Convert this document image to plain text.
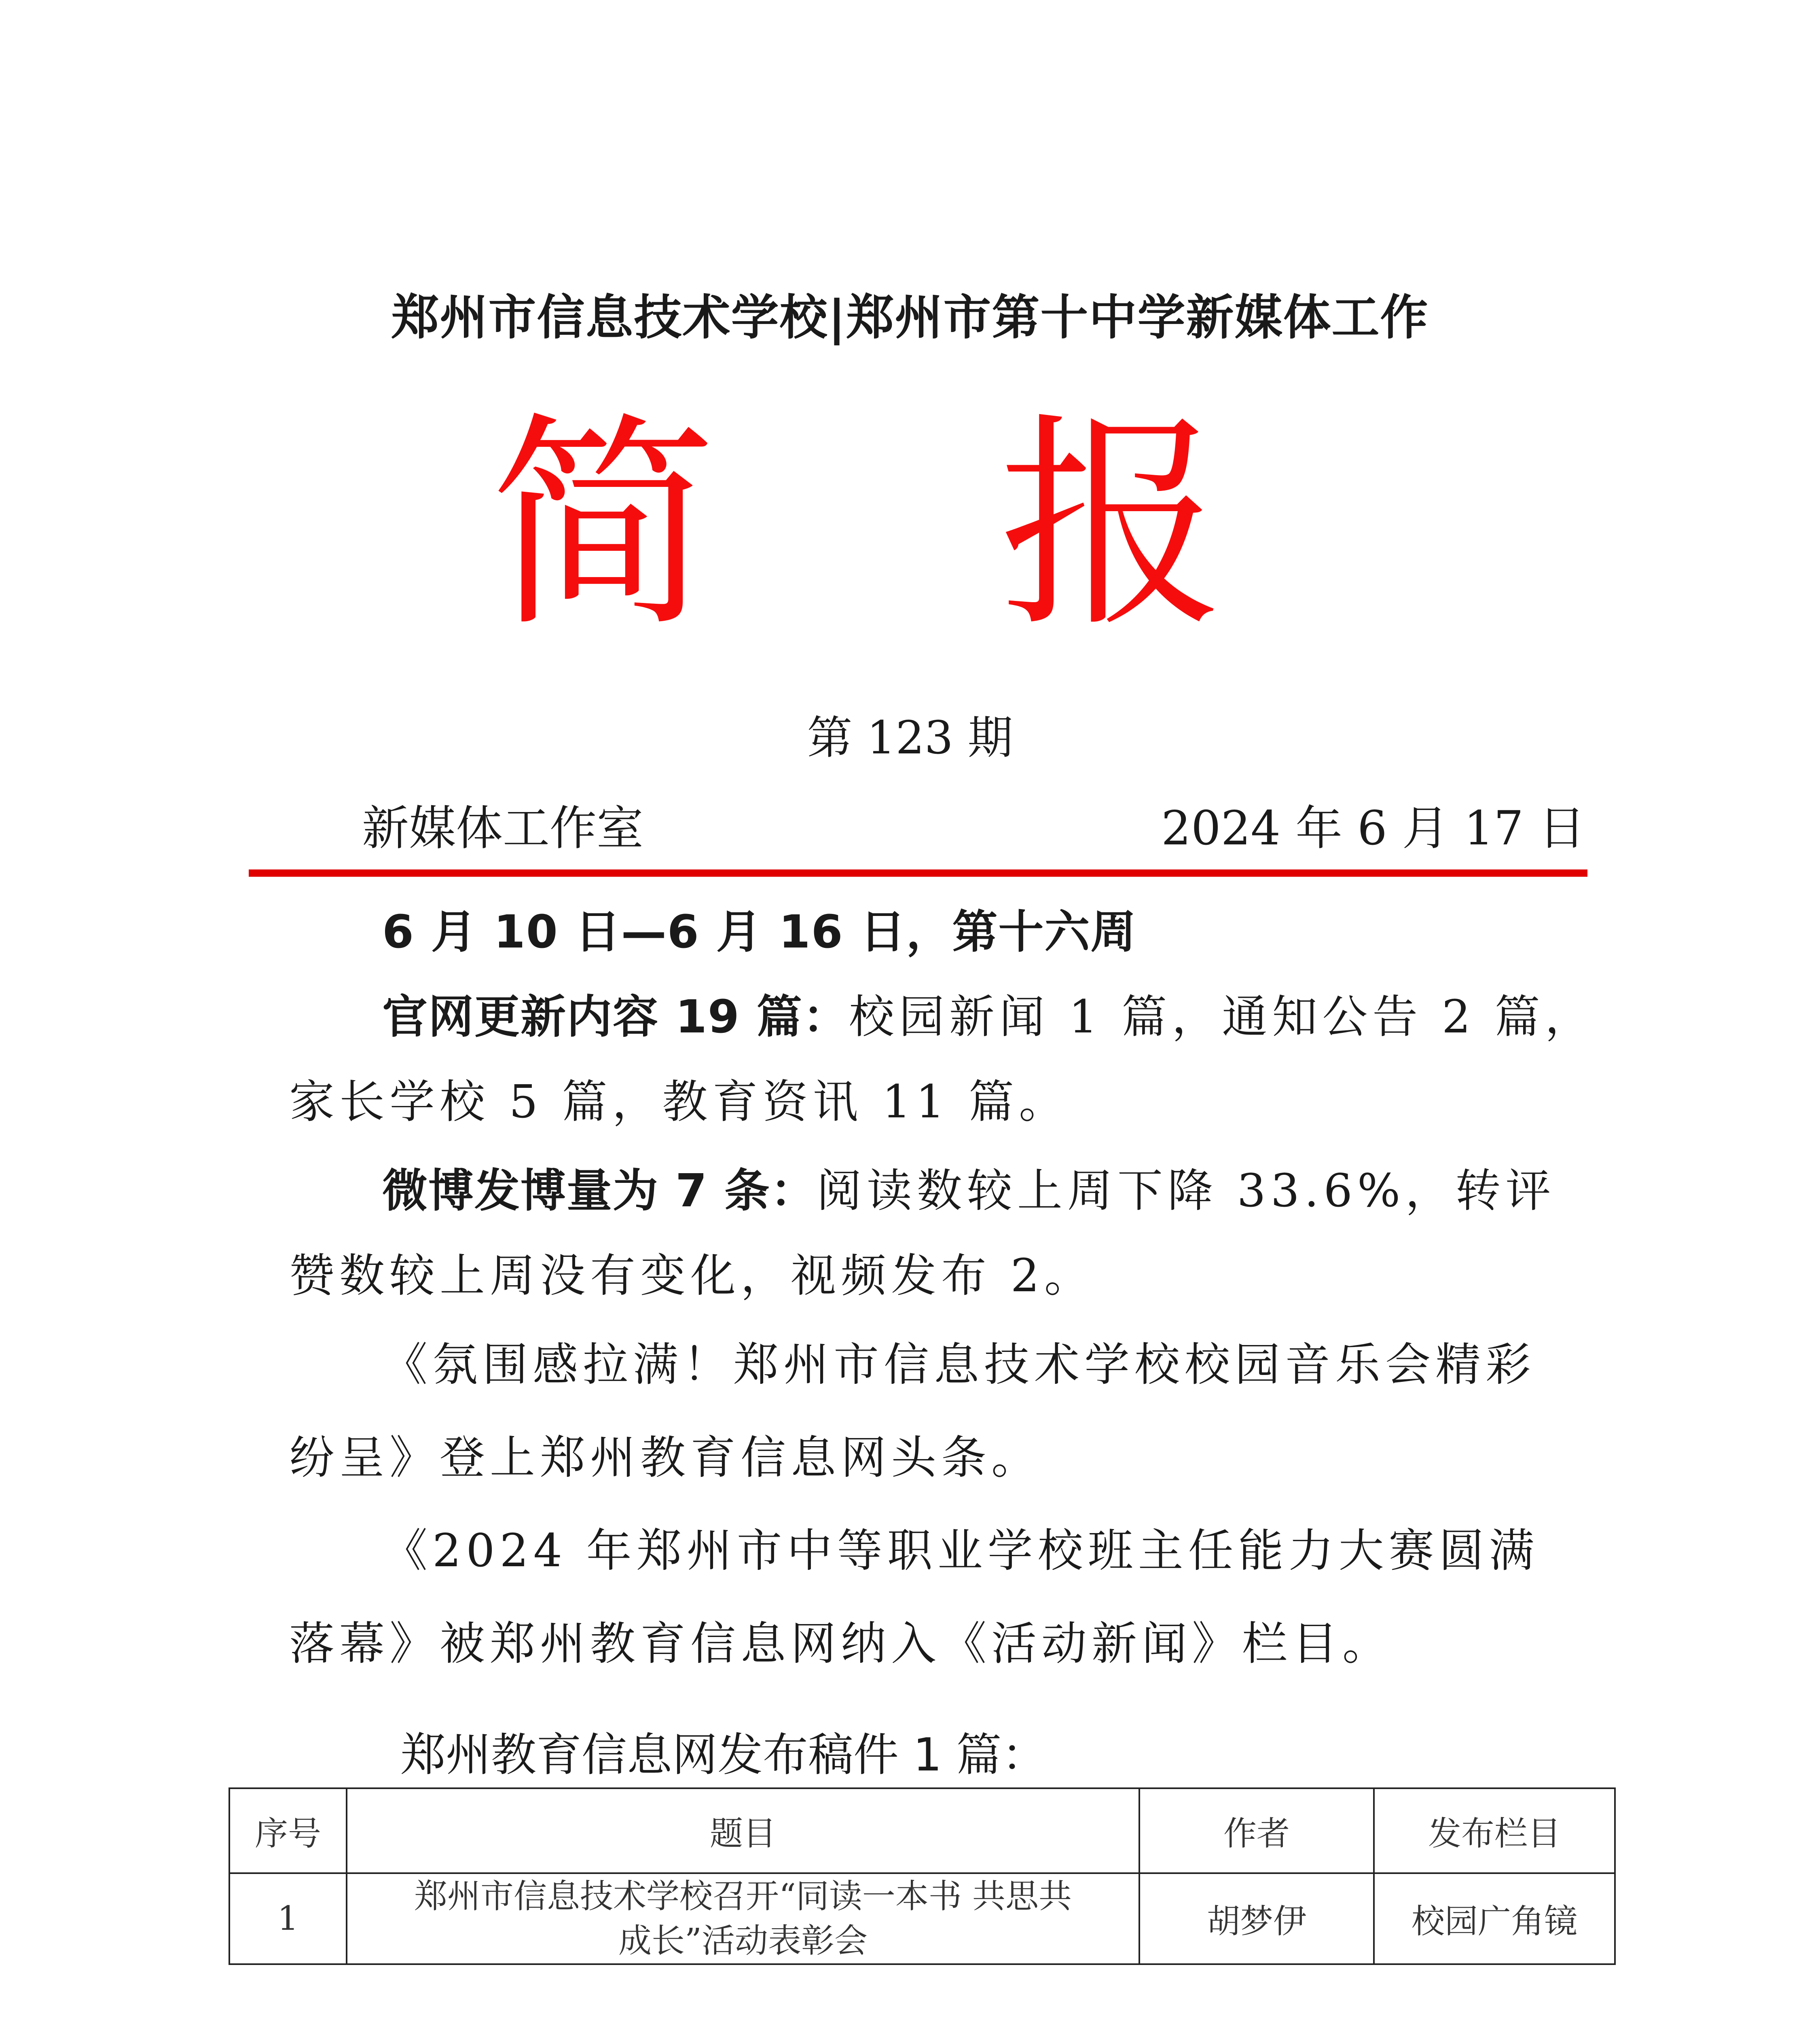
郑州市信息技术学校|郑州市第十中学新媒体工作
简 报
第 123 期
新媒体工作室	2024 年 6 月 17 日
6 月 10 日—6 月 16 日，第十六周
官网更新内容 19 篇：校园新闻 1 篇，通知公告 2 篇，
家长学校 5 篇，教育资讯 11 篇。
微博发博量为 7 条：阅读数较上周下降 33.6%，转评
赞数较上周没有变化，视频发布 2。
《氛围感拉满！郑州市信息技术学校校园音乐会精彩
纷呈》登上郑州教育信息网头条。
《2024 年郑州市中等职业学校班主任能力大赛圆满
落幕》被郑州教育信息网纳入《活动新闻》栏目。
郑州教育信息网发布稿件 1 篇：
序号	题目	作者	发布栏目
1	郑州市信息技术学校召开“同读一本书 共思共
成长”活动表彰会	胡梦伊	校园广角镜
